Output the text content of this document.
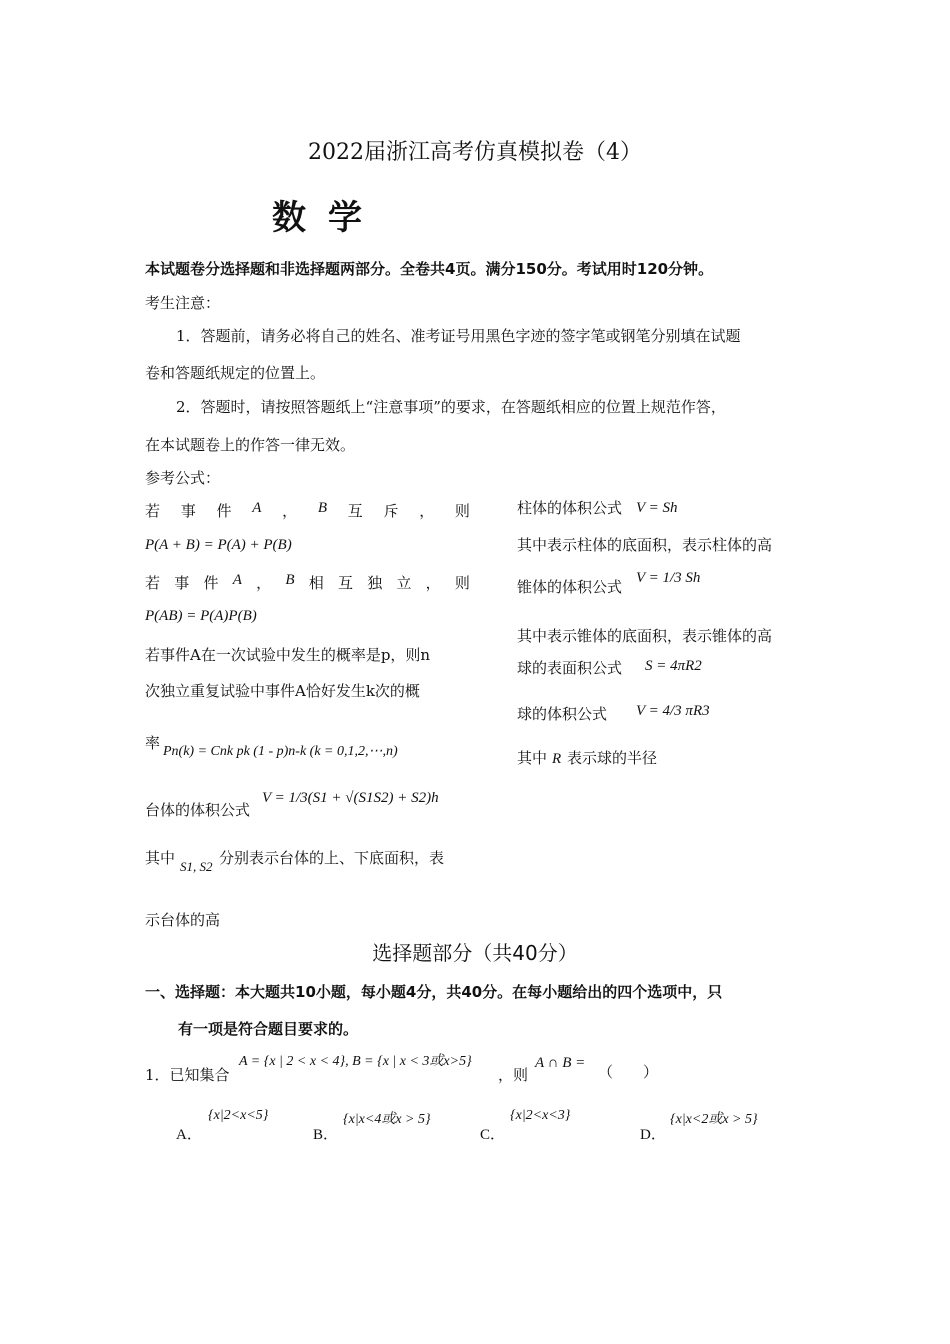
2022届浙江高考仿真模拟卷（4）
数学
本试题卷分选择题和非选择题两部分。全卷共4页。满分150分。考试用时120分钟。
考生注意：
1．答题前，请务必将自己的姓名、准考证号用黑色字迹的签字笔或钢笔分别填在试题
卷和答题纸规定的位置上。
2．答题时，请按照答题纸上“注意事项”的要求，在答题纸相应的位置上规范作答，
在本试题卷上的作答一律无效。
参考公式：
若 事 件 A ， B 互 斥 ， 则
P(A + B) = P(A) + P(B)
若 事 件 A ， B 相 互 独 立 ， 则
P(AB) = P(A)P(B)
若事件A在一次试验中发生的概率是p，则n
次独立重复试验中事件A恰好发生k次的概
率 Pn(k) = Cnk pk (1 - p)n-k (k = 0,1,2,⋯,n)
台体的体积公式
V = 1/3(S1 + √(S1S2) + S2)h
其中 S1, S2 分别表示台体的上、下底面积，表
示台体的高
柱体的体积公式 V = Sh
其中表示柱体的底面积，表示柱体的高
锥体的体积公式 V = 1/3 Sh
其中表示锥体的底面积，表示锥体的高
球的表面积公式 S = 4πR2
球的体积公式 V = 4/3 πR3
其中 R 表示球的半径
选择题部分（共40分）
一、选择题：本大题共10小题，每小题4分，共40分。在每小题给出的四个选项中，只
有一项是符合题目要求的。
1．已知集合
A = {x | 2 < x < 4}, B = {x | x < 3或x>5}
，则
A ∩ B = （　　）
A．
{x|2<x<5}
B．
{x|x<4或x > 5}
C．
{x|2<x<3}
D．
{x|x<2或x > 5}
